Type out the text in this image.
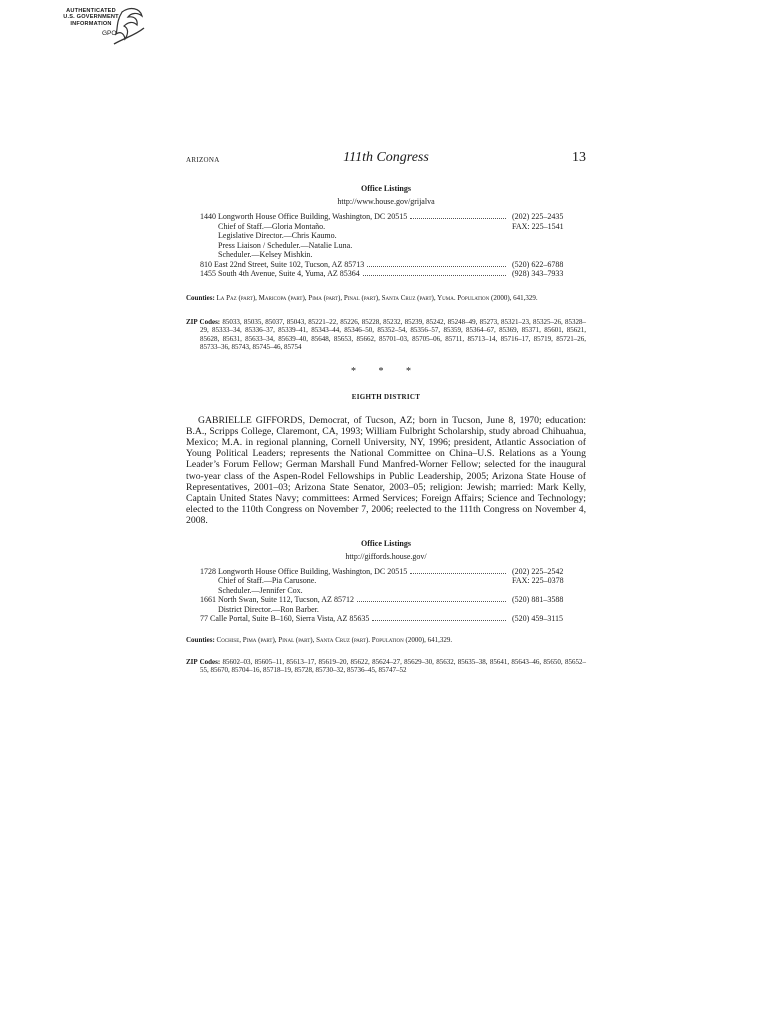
AUTHENTICATED
U.S. GOVERNMENT
INFORMATION
GPO
ARIZONA	111th Congress	13
Office Listings
http://www.house.gov/grijalva
1440 Longworth House Office Building, Washington, DC 20515	(202) 225–2435
Chief of Staff.—Gloria Montaño.	FAX: 225–1541
Legislative Director.—Chris Kaumo.
Press Liaison / Scheduler.—Natalie Luna.
Scheduler.—Kelsey Mishkin.
810 East 22nd Street, Suite 102, Tucson, AZ 85713	(520) 622–6788
1455 South 4th Avenue, Suite 4, Yuma, AZ 85364	(928) 343–7933
Counties: La Paz (part), Maricopa (part), Pima (part), Pinal (part), Santa Cruz (part), Yuma. Population (2000), 641,329.
ZIP Codes: 85033, 85035, 85037, 85043, 85221–22, 85226, 85228, 85232, 85239, 85242, 85248–49, 85273, 85321–23, 85325–26, 85328–29, 85333–34, 85336–37, 85339–41, 85343–44, 85346–50, 85352–54, 85356–57, 85359, 85364–67, 85369, 85371, 85601, 85621, 85628, 85631, 85633–34, 85639–40, 85648, 85653, 85662, 85701–03, 85705–06, 85711, 85713–14, 85716–17, 85719, 85721–26, 85733–36, 85743, 85745–46, 85754
* * *
EIGHTH DISTRICT
GABRIELLE GIFFORDS, Democrat, of Tucson, AZ; born in Tucson, June 8, 1970; education: B.A., Scripps College, Claremont, CA, 1993; William Fulbright Scholarship, study abroad Chihuahua, Mexico; M.A. in regional planning, Cornell University, NY, 1996; president, Atlantic Association of Young Political Leaders; represents the National Committee on China–U.S. Relations as a Young Leader’s Forum Fellow; German Marshall Fund Manfred-Worner Fellow; selected for the inaugural two-year class of the Aspen-Rodel Fellowships in Public Leadership, 2005; Arizona State House of Representatives, 2001–03; Arizona State Senator, 2003–05; religion: Jewish; married: Mark Kelly, Captain United States Navy; committees: Armed Services; Foreign Affairs; Science and Technology; elected to the 110th Congress on November 7, 2006; reelected to the 111th Congress on November 4, 2008.
Office Listings
http://giffords.house.gov/
1728 Longworth House Office Building, Washington, DC 20515	(202) 225–2542
Chief of Staff.—Pia Carusone.	FAX: 225–0378
Scheduler.—Jennifer Cox.
1661 North Swan, Suite 112, Tucson, AZ 85712	(520) 881–3588
District Director.—Ron Barber.
77 Calle Portal, Suite B–160, Sierra Vista, AZ 85635	(520) 459–3115
Counties: Cochise, Pima (part), Pinal (part), Santa Cruz (part). Population (2000), 641,329.
ZIP Codes: 85602–03, 85605–11, 85613–17, 85619–20, 85622, 85624–27, 85629–30, 85632, 85635–38, 85641, 85643–46, 85650, 85652–55, 85670, 85704–16, 85718–19, 85728, 85730–32, 85736–45, 85747–52
